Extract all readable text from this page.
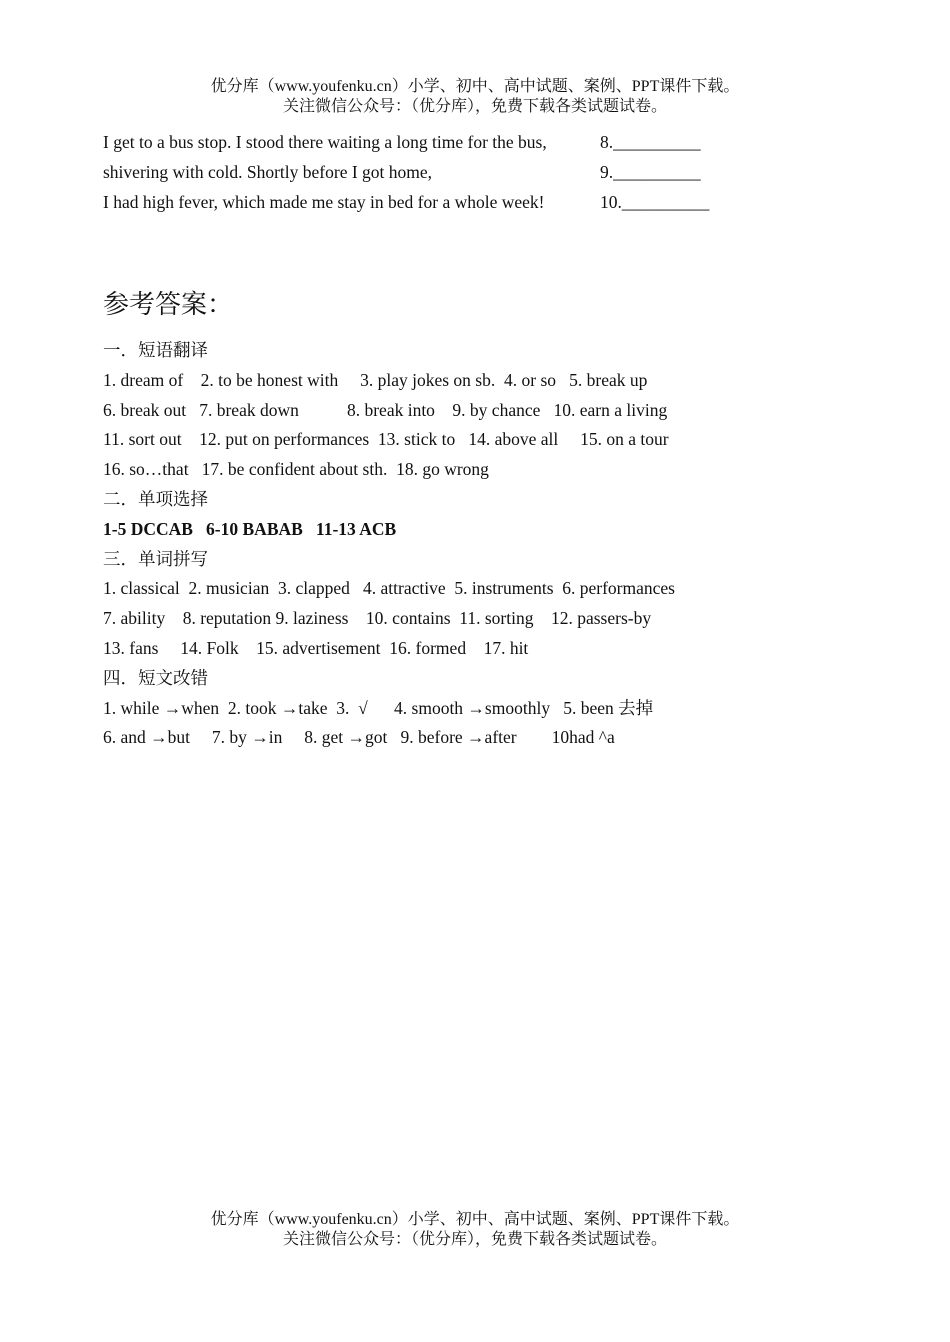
优分库（www.youfenku.cn）小学、初中、高中试题、案例、PPT课件下载。
关注微信公众号：（优分库），免费下载各类试题试卷。
I get to a bus stop. I stood there waiting a long time for the bus,	8.__________
shivering with cold. Shortly before I got home,	9.__________
I had high fever, which made me stay in bed for a whole week!	10.__________
参考答案：
一．短语翻译
1. dream of    2. to be honest with     3. play jokes on sb.  4. or so   5. break up
6. break out   7. break down           8. break into    9. by chance   10. earn a living
11. sort out    12. put on performances  13. stick to   14. above all     15. on a tour
16. so…that   17. be confident about sth.  18. go wrong
二．单项选择
1-5 DCCAB   6-10 BABAB   11-13 ACB
三．单词拼写
1. classical  2. musician  3. clapped   4. attractive  5. instruments  6. performances
7. ability    8. reputation 9. laziness    10. contains  11. sorting    12. passers-by
13. fans     14. Folk    15. advertisement  16. formed    17. hit
四．短文改错
1. while →when  2. took →take  3.  √      4. smooth →smoothly   5. been 去掉
6. and →but     7. by →in     8. get →got   9. before →after        10had ^a
优分库（www.youfenku.cn）小学、初中、高中试题、案例、PPT课件下载。
关注微信公众号：（优分库），免费下载各类试题试卷。
